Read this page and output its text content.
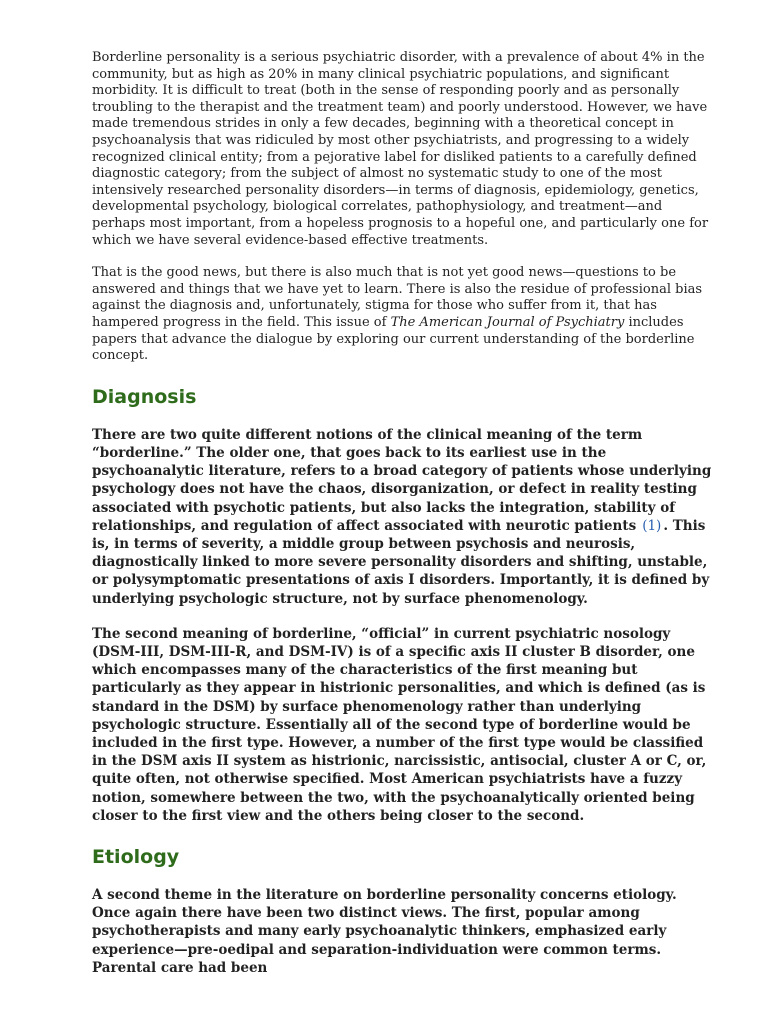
Borderline personality is a serious psychiatric disorder, with a prevalence of about 4% in the community, but as high as 20% in many clinical psychiatric populations, and significant morbidity. It is difficult to treat (both in the sense of responding poorly and as personally troubling to the therapist and the treatment team) and poorly understood. However, we have made tremendous strides in only a few decades, beginning with a theoretical concept in psychoanalysis that was ridiculed by most other psychiatrists, and progressing to a widely recognized clinical entity; from a pejorative label for disliked patients to a carefully defined diagnostic category; from the subject of almost no systematic study to one of the most intensively researched personality disorders—in terms of diagnosis, epidemiology, genetics, developmental psychology, biological correlates, pathophysiology, and treatment—and perhaps most important, from a hopeless prognosis to a hopeful one, and particularly one for which we have several evidence-based effective treatments.

That is the good news, but there is also much that is not yet good news—questions to be answered and things that we have yet to learn. There is also the residue of professional bias against the diagnosis and, unfortunately, stigma for those who suffer from it, that has hampered progress in the field. This issue of The American Journal of Psychiatry includes papers that advance the dialogue by exploring our current understanding of the borderline concept.

Diagnosis

There are two quite different notions of the clinical meaning of the term “borderline.” The older one, that goes back to its earliest use in the psychoanalytic literature, refers to a broad category of patients whose underlying psychology does not have the chaos, disorganization, or defect in reality testing associated with psychotic patients, but also lacks the integration, stability of relationships, and regulation of affect associated with neurotic patients (1) . This is, in terms of severity, a middle group between psychosis and neurosis, diagnostically linked to more severe personality disorders and shifting, unstable, or polysymptomatic presentations of axis I disorders. Importantly, it is defined by underlying psychologic structure, not by surface phenomenology.

The second meaning of borderline, “official” in current psychiatric nosology (DSM-III, DSM-III-R, and DSM-IV) is of a specific axis II cluster B disorder, one which encompasses many of the characteristics of the first meaning but particularly as they appear in histrionic personalities, and which is defined (as is standard in the DSM) by surface phenomenology rather than underlying psychologic structure. Essentially all of the second type of borderline would be included in the first type. However, a number of the first type would be classified in the DSM axis II system as histrionic, narcissistic, antisocial, cluster A or C, or, quite often, not otherwise specified. Most American psychiatrists have a fuzzy notion, somewhere between the two, with the psychoanalytically oriented being closer to the first view and the others being closer to the second.

Etiology

A second theme in the literature on borderline personality concerns etiology. Once again there have been two distinct views. The first, popular among psychotherapists and many early psychoanalytic thinkers, emphasized early experience—pre-oedipal and separation-individuation were common terms. Parental care had been
